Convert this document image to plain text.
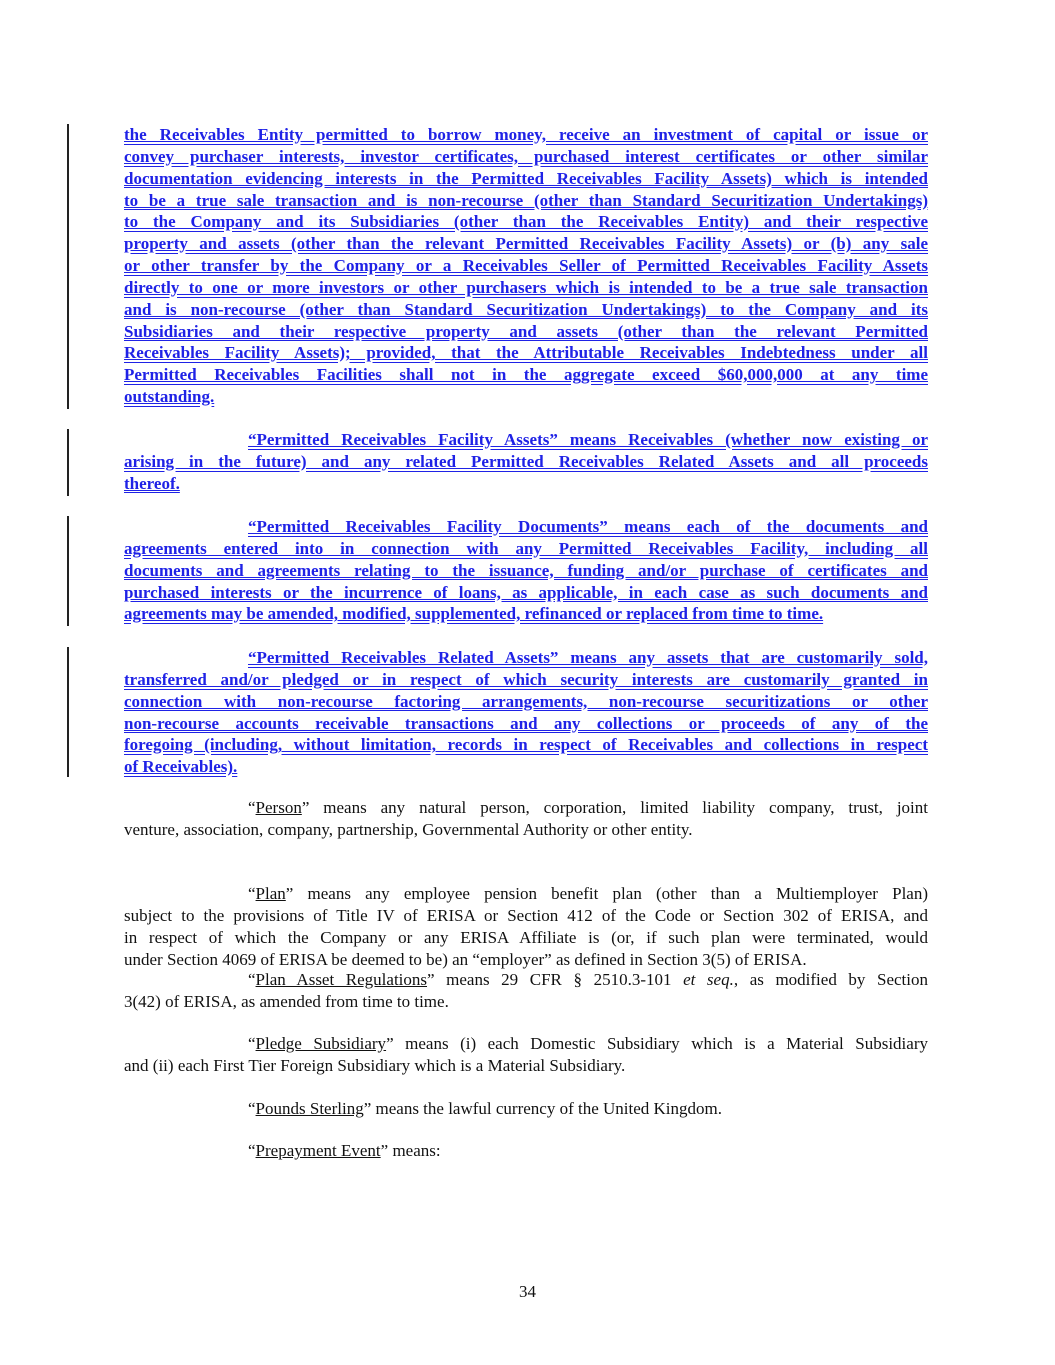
the Receivables Entity permitted to borrow money, receive an investment of capital or issue or
convey purchaser interests, investor certificates, purchased interest certificates or other similar
documentation evidencing interests in the Permitted Receivables Facility Assets) which is intended
to be a true sale transaction and is non-recourse (other than Standard Securitization Undertakings)
to the Company and its Subsidiaries (other than the Receivables Entity) and their respective
property and assets (other than the relevant Permitted Receivables Facility Assets) or (b) any sale
or other transfer by the Company or a Receivables Seller of Permitted Receivables Facility Assets
directly to one or more investors or other purchasers which is intended to be a true sale transaction
and is non-recourse (other than Standard Securitization Undertakings) to the Company and its
Subsidiaries and their respective property and assets (other than the relevant Permitted
Receivables Facility Assets); provided, that the Attributable Receivables Indebtedness under all
Permitted Receivables Facilities shall not in the aggregate exceed $60,000,000 at any time
outstanding.
“Permitted Receivables Facility Assets” means Receivables (whether now existing or
arising in the future) and any related Permitted Receivables Related Assets and all proceeds
thereof.
“Permitted Receivables Facility Documents” means each of the documents and
agreements entered into in connection with any Permitted Receivables Facility, including all
documents and agreements relating to the issuance, funding and/or purchase of certificates and
purchased interests or the incurrence of loans, as applicable, in each case as such documents and
agreements may be amended, modified, supplemented, refinanced or replaced from time to time.
“Permitted Receivables Related Assets” means any assets that are customarily sold,
transferred and/or pledged or in respect of which security interests are customarily granted in
connection with non-recourse factoring arrangements, non-recourse securitizations or other
non-recourse accounts receivable transactions and any collections or proceeds of any of the
foregoing (including, without limitation, records in respect of Receivables and collections in respect
of Receivables).
“Person” means any natural person, corporation, limited liability company, trust, joint
venture, association, company, partnership, Governmental Authority or other entity.
“Plan” means any employee pension benefit plan (other than a Multiemployer Plan)
subject to the provisions of Title IV of ERISA or Section 412 of the Code or Section 302 of ERISA, and
in respect of which the Company or any ERISA Affiliate is (or, if such plan were terminated, would
under Section 4069 of ERISA be deemed to be) an “employer” as defined in Section 3(5) of ERISA.
“Plan Asset Regulations” means 29 CFR § 2510.3-101 et seq., as modified by Section
3(42) of ERISA, as amended from time to time.
“Pledge Subsidiary” means (i) each Domestic Subsidiary which is a Material Subsidiary
and (ii) each First Tier Foreign Subsidiary which is a Material Subsidiary.
“Pounds Sterling” means the lawful currency of the United Kingdom.
“Prepayment Event” means:
34
